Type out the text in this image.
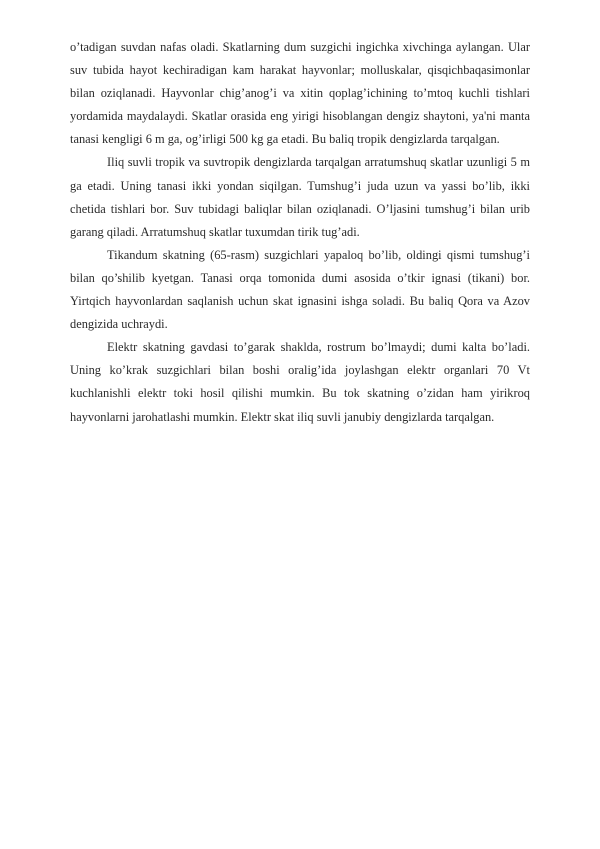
o’tadigan suvdan nafas oladi. Skatlarning dum suzgichi ingichka xivchinga aylangan. Ular suv tubida hayot kechiradigan kam harakat hayvonlar; molluskalar, qisqichbaqasimonlar bilan oziqlanadi. Hayvonlar chig’anog’i va xitin qoplag’ichining to’mtoq kuchli tishlari yordamida maydalaydi. Skatlar orasida eng yirigi hisoblangan dengiz shaytoni, ya'ni manta tanasi kengligi 6 m ga, og’irligi 500 kg ga etadi. Bu baliq tropik dengizlarda tarqalgan.

Iliq suvli tropik va suvtropik dengizlarda tarqalgan arratumshuq skatlar uzunligi 5 m ga etadi. Uning tanasi ikki yondan siqilgan. Tumshug’i juda uzun va yassi bo’lib, ikki chetida tishlari bor. Suv tubidagi baliqlar bilan oziqlanadi. O’ljasini tumshug’i bilan urib garang qiladi. Arratumshuq skatlar tuxumdan tirik tug’adi.

Tikandum skatning (65-rasm) suzgichlari yapaloq bo’lib, oldingi qismi tumshug’i bilan qo’shilib kyetgan. Tanasi orqa tomonida dumi asosida o’tkir ignasi (tikani) bor. Yirtqich hayvonlardan saqlanish uchun skat ignasini ishga soladi. Bu baliq Qora va Azov dengizida uchraydi.

Elektr skatning gavdasi to’garak shaklda, rostrum bo’lmaydi; dumi kalta bo’ladi. Uning ko’krak suzgichlari bilan boshi oralig’ida joylashgan elektr organlari 70 Vt kuchlanishli elektr toki hosil qilishi mumkin. Bu tok skatning o’zidan ham yirikroq hayvonlarni jarohatlashi mumkin. Elektr skat iliq suvli janubiy dengizlarda tarqalgan.
